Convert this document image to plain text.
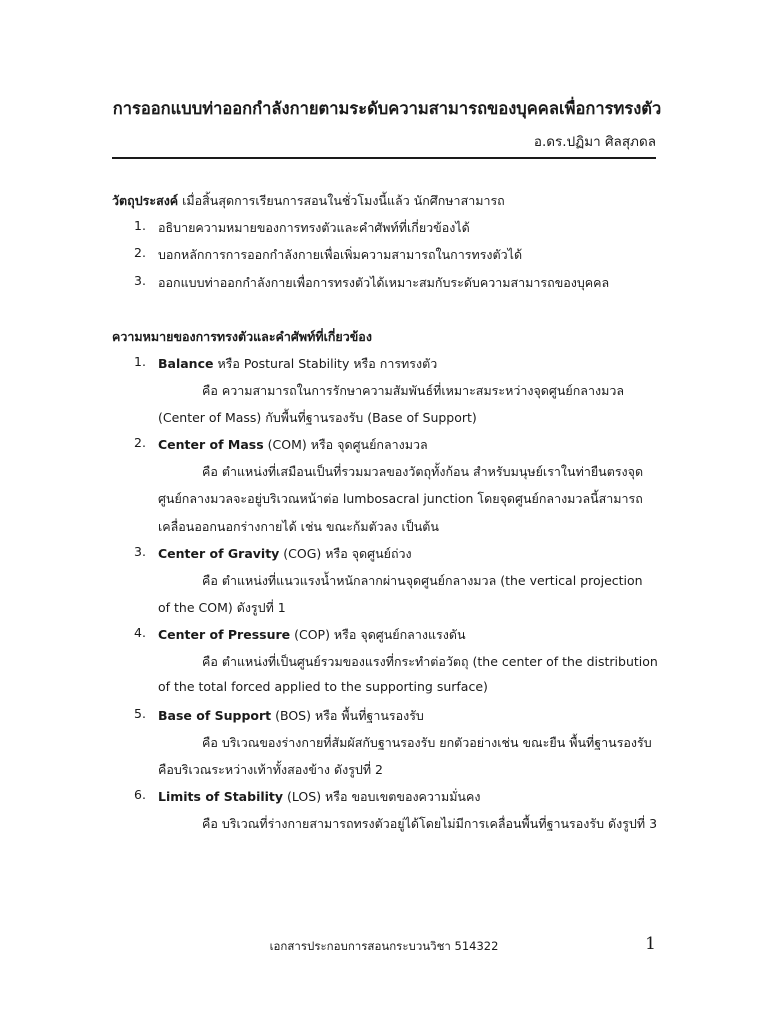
การออกแบบท่าออกกำลังกายตามระดับความสามารถของบุคคลเพื่อการทรงตัว
อ.ดร.ปฏิมา ศิลสุภดล
วัตถุประสงค์ เมื่อสิ้นสุดการเรียนการสอนในชั่วโมงนี้แล้ว นักศึกษาสามารถ
1. อธิบายความหมายของการทรงตัวและคำศัพท์ที่เกี่ยวข้องได้
2. บอกหลักการการออกกำลังกายเพื่อเพิ่มความสามารถในการทรงตัวได้
3. ออกแบบท่าออกกำลังกายเพื่อการทรงตัวได้เหมาะสมกับระดับความสามารถของบุคคล
ความหมายของการทรงตัวและคำศัพท์ที่เกี่ยวข้อง
1. Balance หรือ Postural Stability หรือ การทรงตัว
คือ ความสามารถในการรักษาความสัมพันธ์ที่เหมาะสมระหว่างจุดศูนย์กลางมวล
(Center of Mass) กับพื้นที่ฐานรองรับ (Base of Support)
2. Center of Mass (COM) หรือ จุดศูนย์กลางมวล
คือ ตำแหน่งที่เสมือนเป็นที่รวมมวลของวัตถุทั้งก้อน สำหรับมนุษย์เราในท่ายืนตรงจุด
ศูนย์กลางมวลจะอยู่บริเวณหน้าต่อ lumbosacral junction โดยจุดศูนย์กลางมวลนี้สามารถ
เคลื่อนออกนอกร่างกายได้ เช่น ขณะก้มตัวลง เป็นต้น
3. Center of Gravity (COG) หรือ จุดศูนย์ถ่วง
คือ ตำแหน่งที่แนวแรงน้ำหนักลากผ่านจุดศูนย์กลางมวล (the vertical projection
of the COM) ดังรูปที่ 1
4. Center of Pressure (COP) หรือ จุดศูนย์กลางแรงดัน
คือ ตำแหน่งที่เป็นศูนย์รวมของแรงที่กระทำต่อวัตถุ (the center of the distribution
of the total forced applied to the supporting surface)
5. Base of Support (BOS) หรือ พื้นที่ฐานรองรับ
คือ บริเวณของร่างกายที่สัมผัสกับฐานรองรับ ยกตัวอย่างเช่น ขณะยืน พื้นที่ฐานรองรับ
คือบริเวณระหว่างเท้าทั้งสองข้าง ดังรูปที่ 2
6. Limits of Stability (LOS) หรือ ขอบเขตของความมั่นคง
คือ บริเวณที่ร่างกายสามารถทรงตัวอยู่ได้โดยไม่มีการเคลื่อนพื้นที่ฐานรองรับ ดังรูปที่ 3
เอกสารประกอบการสอนกระบวนวิชา 514322	1
